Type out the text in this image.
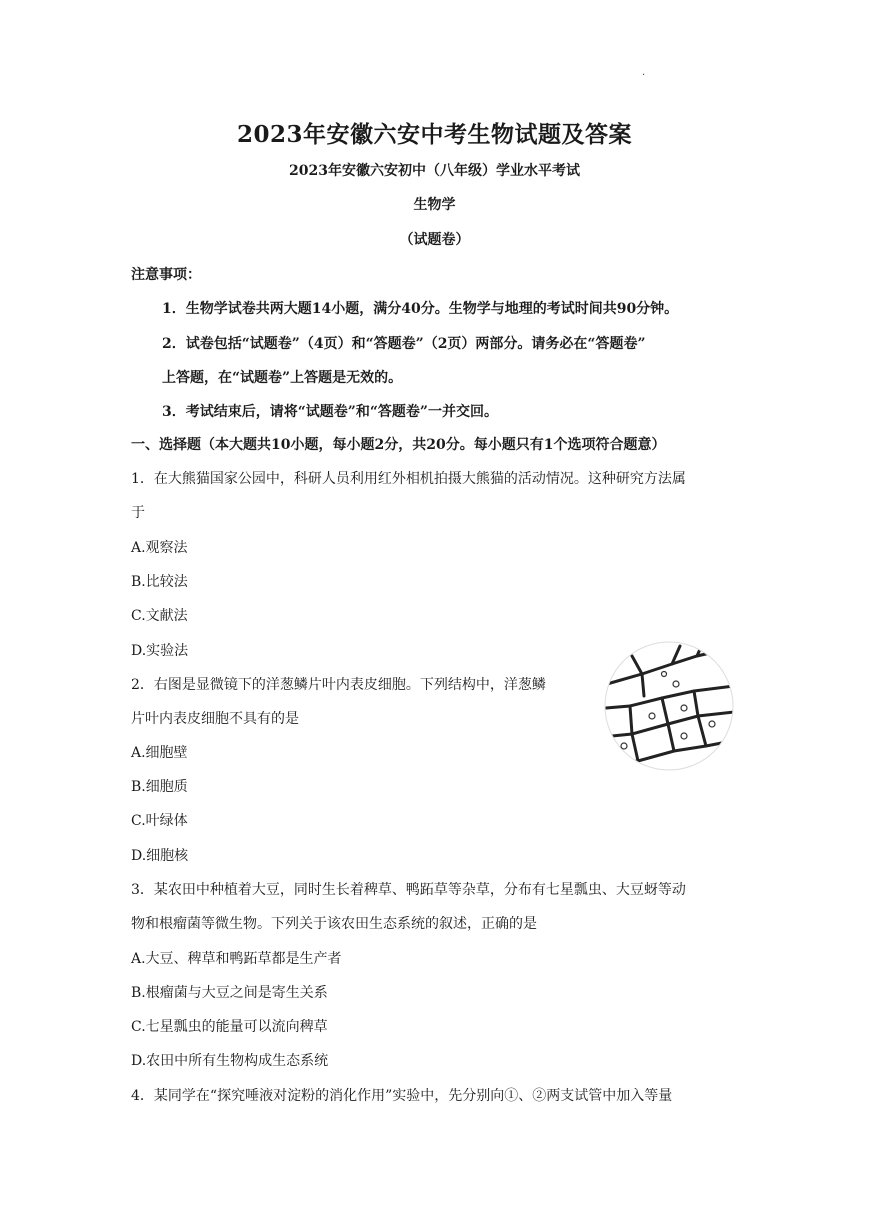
·
2023年安徽六安中考生物试题及答案
2023年安徽六安初中（八年级）学业水平考试
生物学
（试题卷）
注意事项：
1．生物学试卷共两大题14小题，满分40分。生物学与地理的考试时间共90分钟。
2．试卷包括“试题卷”（4页）和“答题卷”（2页）两部分。请务必在“答题卷”
上答题，在“试题卷”上答题是无效的。
3．考试结束后，请将“试题卷”和“答题卷”一并交回。
一、选择题（本大题共10小题，每小题2分，共20分。每小题只有1个选项符合题意）
1．在大熊猫国家公园中，科研人员利用红外相机拍摄大熊猫的活动情况。这种研究方法属
于
A.观察法
B.比较法
C.文献法
D.实验法
2．右图是显微镜下的洋葱鳞片叶内表皮细胞。下列结构中，洋葱鳞
片叶内表皮细胞不具有的是
A.细胞壁
B.细胞质
C.叶绿体
D.细胞核
3．某农田中种植着大豆，同时生长着稗草、鸭跖草等杂草，分布有七星瓢虫、大豆蚜等动
物和根瘤菌等微生物。下列关于该农田生态系统的叙述，正确的是
A.大豆、稗草和鸭跖草都是生产者
B.根瘤菌与大豆之间是寄生关系
C.七星瓢虫的能量可以流向稗草
D.农田中所有生物构成生态系统
4．某同学在“探究唾液对淀粉的消化作用”实验中，先分别向①、②两支试管中加入等量
